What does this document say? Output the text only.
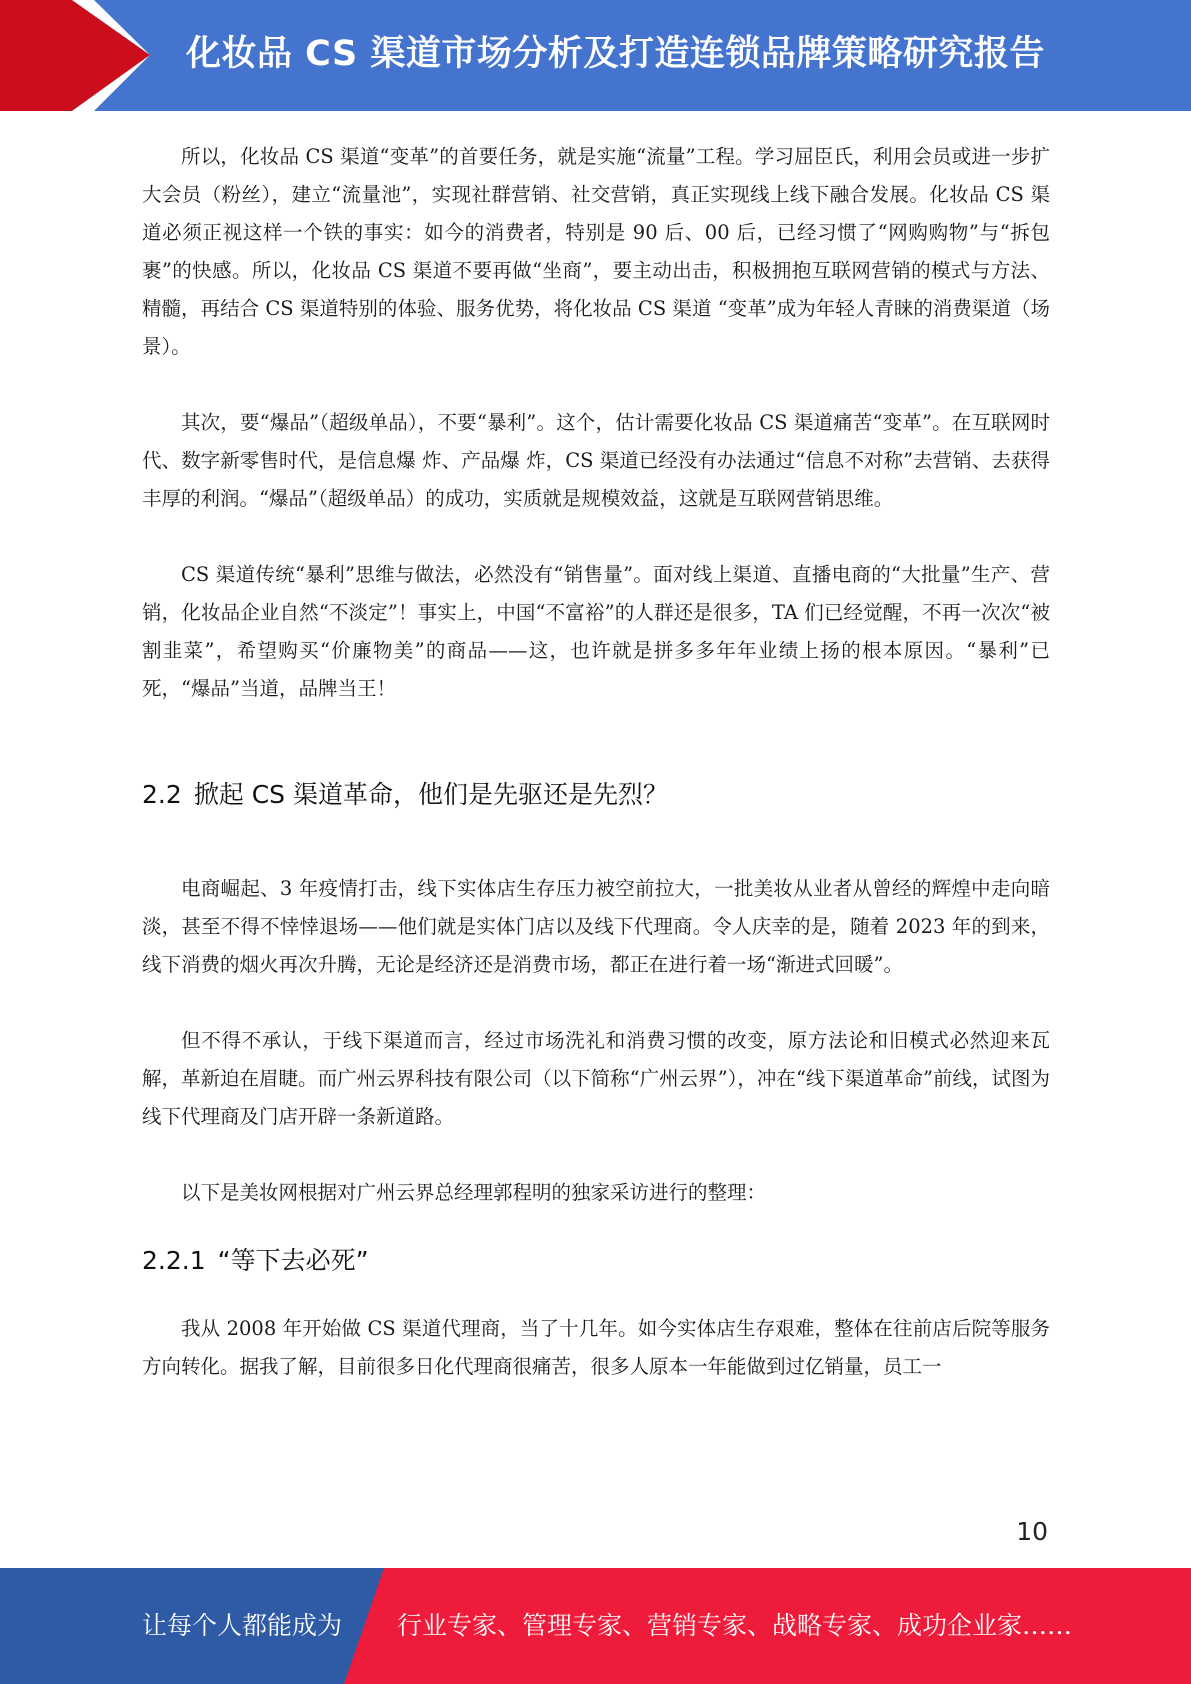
化妆品 CS 渠道市场分析及打造连锁品牌策略研究报告

所以，化妆品 CS 渠道“变革”的首要任务，就是实施“流量”工程。学习屈臣氏，利用会员或进一步扩大会员（粉丝），建立“流量池”，实现社群营销、社交营销，真正实现线上线下融合发展。化妆品 CS 渠道必须正视这样一个铁的事实：如今的消费者，特别是 90 后、00 后，已经习惯了“网购购物”与“拆包裹”的快感。所以，化妆品 CS 渠道不要再做“坐商”，要主动出击，积极拥抱互联网营销的模式与方法、精髓，再结合 CS 渠道特别的体验、服务优势，将化妆品 CS 渠道 “变革”成为年轻人青睐的消费渠道（场景）。

其次，要“爆品”（超级单品），不要“暴利”。这个，估计需要化妆品 CS 渠道痛苦“变革”。在互联网时代、数字新零售时代，是信息爆 炸、产品爆 炸，CS 渠道已经没有办法通过“信息不对称”去营销、去获得丰厚的利润。“爆品”（超级单品）的成功，实质就是规模效益，这就是互联网营销思维。

CS 渠道传统“暴利”思维与做法，必然没有“销售量”。面对线上渠道、直播电商的“大批量”生产、营销，化妆品企业自然“不淡定”！事实上，中国“不富裕”的人群还是很多，TA 们已经觉醒，不再一次次“被割韭菜”，希望购买“价廉物美”的商品——这，也许就是拼多多年年业绩上扬的根本原因。“暴利”已死，“爆品”当道，品牌当王！

2.2 掀起 CS 渠道革命，他们是先驱还是先烈？

电商崛起、3 年疫情打击，线下实体店生存压力被空前拉大，一批美妆从业者从曾经的辉煌中走向暗淡，甚至不得不悻悻退场——他们就是实体门店以及线下代理商。令人庆幸的是，随着 2023 年的到来，线下消费的烟火再次升腾，无论是经济还是消费市场，都正在进行着一场“渐进式回暖”。

但不得不承认，于线下渠道而言，经过市场洗礼和消费习惯的改变，原方法论和旧模式必然迎来瓦解，革新迫在眉睫。而广州云界科技有限公司（以下简称“广州云界”），冲在“线下渠道革命”前线，试图为线下代理商及门店开辟一条新道路。

以下是美妆网根据对广州云界总经理郭程明的独家采访进行的整理：

2.2.1 “等下去必死”

我从 2008 年开始做 CS 渠道代理商，当了十几年。如今实体店生存艰难，整体在往前店后院等服务方向转化。据我了解，目前很多日化代理商很痛苦，很多人原本一年能做到过亿销量，员工一

10
让每个人都能成为 行业专家、管理专家、营销专家、战略专家、成功企业家……
